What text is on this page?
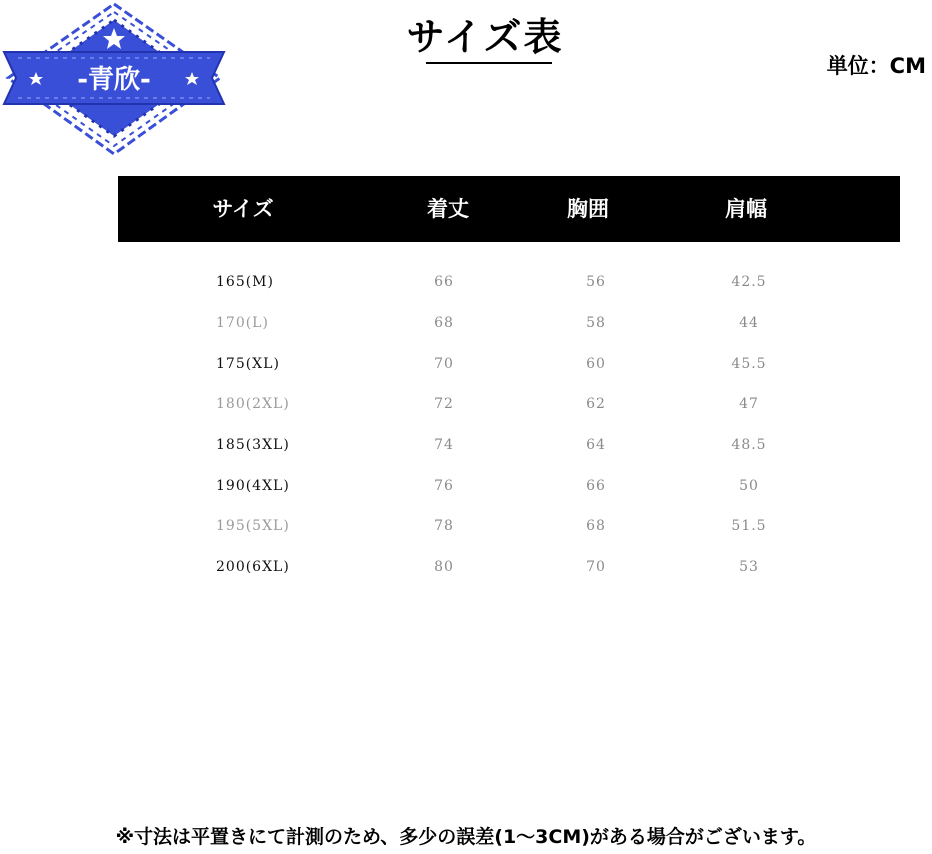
-青欣-
サイズ表
単位：CM
サイズ	着丈	胸囲	肩幅
165(M)	66	56	42.5
170(L)	68	58	44
175(XL)	70	60	45.5
180(2XL)	72	62	47
185(3XL)	74	64	48.5
190(4XL)	76	66	50
195(5XL)	78	68	51.5
200(6XL)	80	70	53
※寸法は平置きにて計測のため、多少の誤差(1～3CM)がある場合がございます。
